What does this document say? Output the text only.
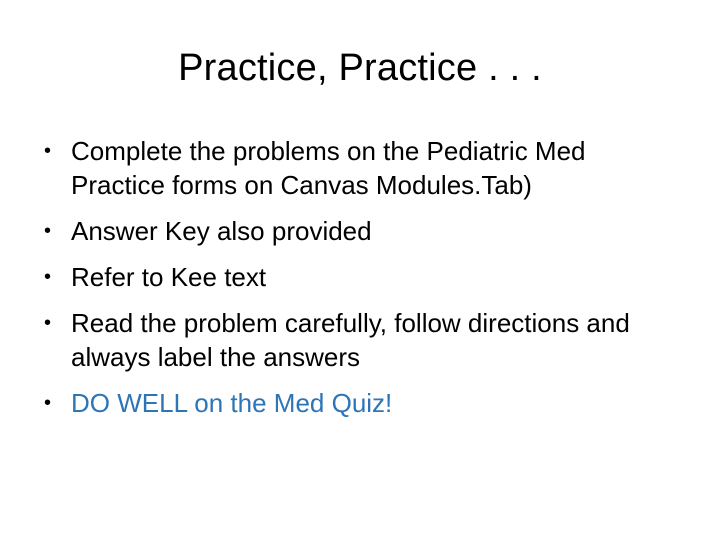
Practice, Practice . . .
• Complete the problems on the Pediatric Med Practice forms on Canvas Modules.Tab)
• Answer Key also provided
• Refer to Kee text
• Read the problem carefully, follow directions and always label the answers
• DO WELL on the Med Quiz!
